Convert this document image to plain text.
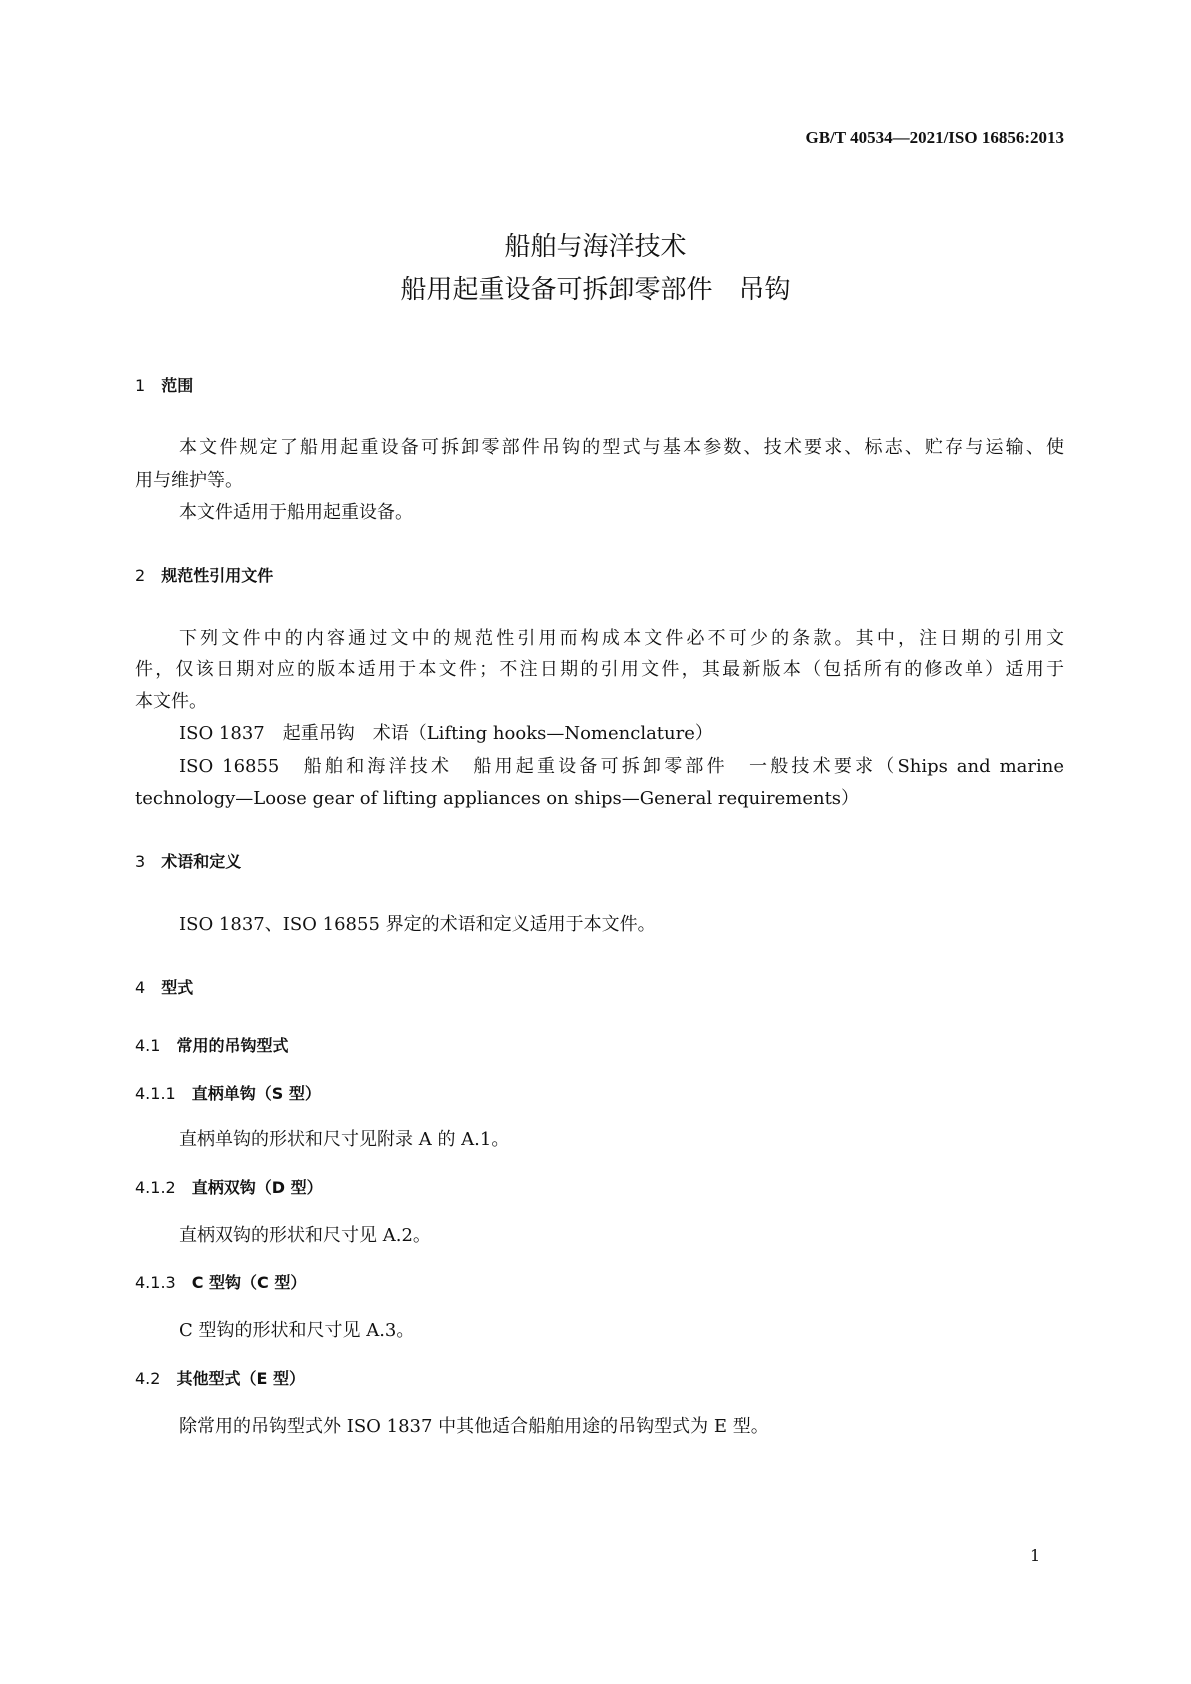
GB/T 40534—2021/ISO 16856:2013
船舶与海洋技术
船用起重设备可拆卸零部件　吊钩
1 范围
本文件规定了船用起重设备可拆卸零部件吊钩的型式与基本参数、技术要求、标志、贮存与运输、使
用与维护等。
本文件适用于船用起重设备。
2 规范性引用文件
下列文件中的内容通过文中的规范性引用而构成本文件必不可少的条款。其中，注日期的引用文
件，仅该日期对应的版本适用于本文件；不注日期的引用文件，其最新版本（包括所有的修改单）适用于
本文件。
ISO 1837　起重吊钩　术语（Lifting hooks—Nomenclature）
ISO 16855　船舶和海洋技术　船用起重设备可拆卸零部件　一般技术要求（Ships and marine
technology—Loose gear of lifting appliances on ships—General requirements）
3 术语和定义
ISO 1837、ISO 16855 界定的术语和定义适用于本文件。
4 型式
4.1 常用的吊钩型式
4.1.1 直柄单钩（S 型）
直柄单钩的形状和尺寸见附录 A 的 A.1。
4.1.2 直柄双钩（D 型）
直柄双钩的形状和尺寸见 A.2。
4.1.3 C 型钩（C 型）
C 型钩的形状和尺寸见 A.3。
4.2 其他型式（E 型）
除常用的吊钩型式外 ISO 1837 中其他适合船舶用途的吊钩型式为 E 型。
1
